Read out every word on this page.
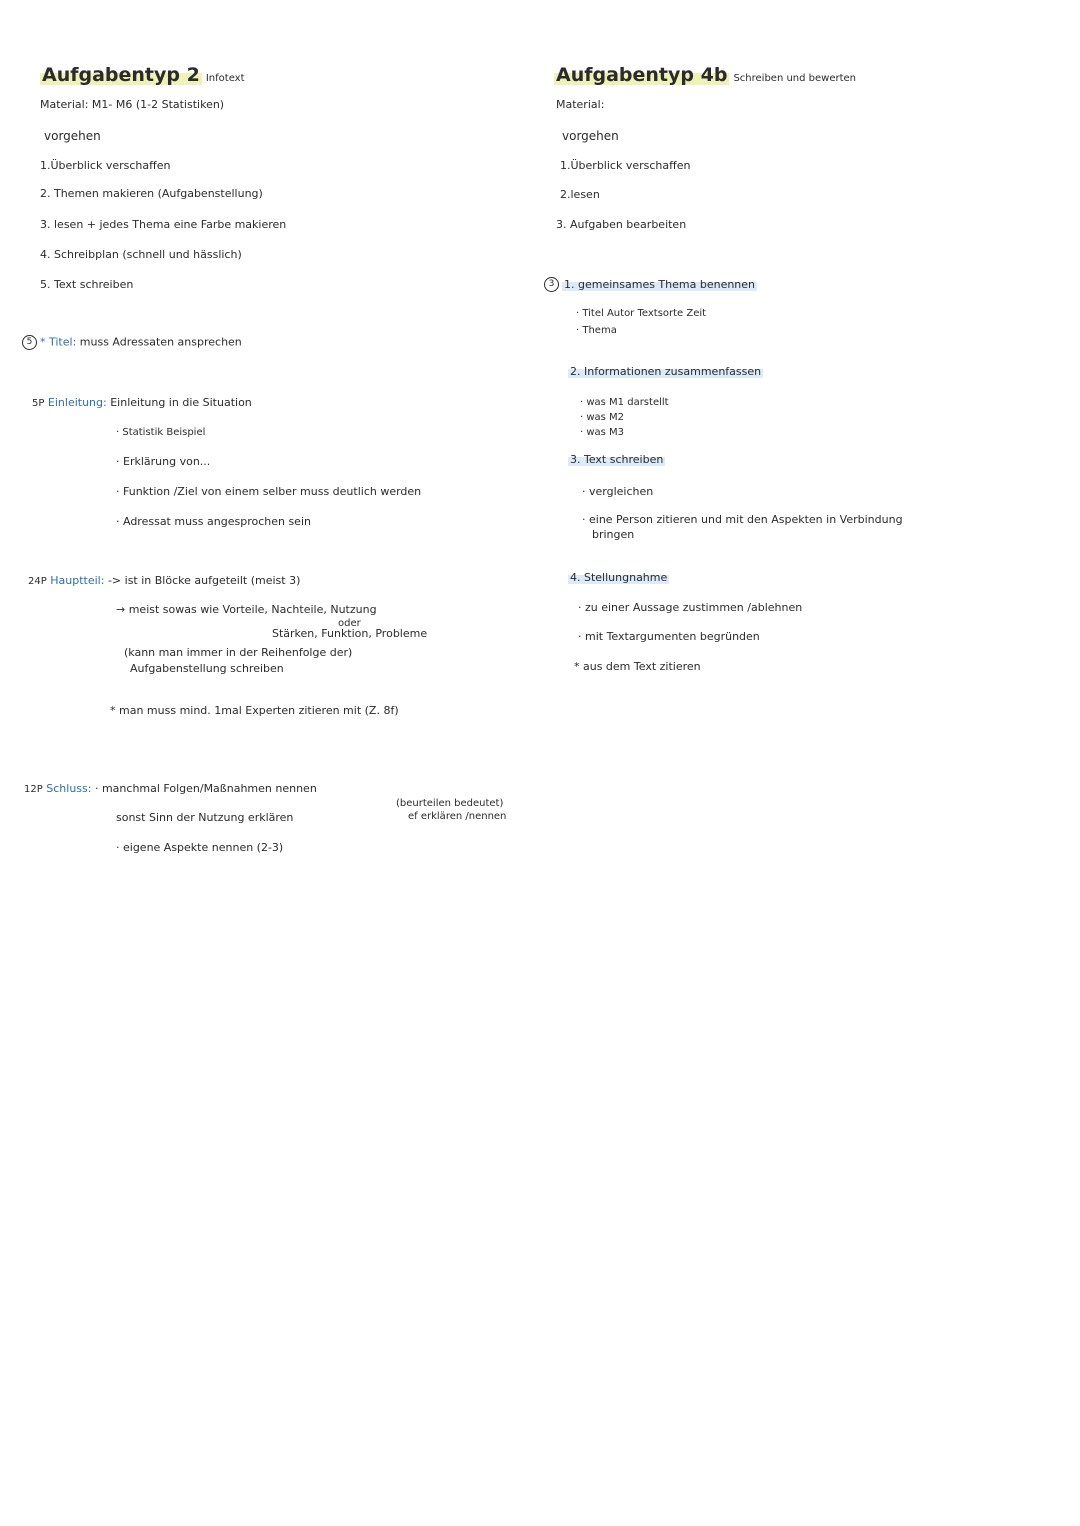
Aufgabentyp 2 Infotext
Material: M1- M6 (1-2 Statistiken)
vorgehen
1.Überblick verschaffen
2. Themen makieren (Aufgabenstellung)
3. lesen + jedes Thema eine Farbe makieren
4. Schreibplan (schnell und hässlich)
5. Text schreiben
5 * Titel: muss Adressaten ansprechen
5P Einleitung: Einleitung in die Situation
· Statistik Beispiel
· Erklärung von...
· Funktion /Ziel von einem selber muss deutlich werden
· Adressat muss angesprochen sein
24P Hauptteil: -> ist in Blöcke aufgeteilt (meist 3)
→ meist sowas wie Vorteile, Nachteile, Nutzung
oder
Stärken, Funktion, Probleme
(kann man immer in der Reihenfolge der)
Aufgabenstellung schreiben
* man muss mind. 1mal Experten zitieren mit (Z. 8f)
12P Schluss: · manchmal Folgen/Maßnahmen nennen
sonst Sinn der Nutzung erklären
· eigene Aspekte nennen (2-3)
(beurteilen bedeutet)
ef erklären /nennen
Aufgabentyp 4b Schreiben und bewerten
Material:
vorgehen
1.Überblick verschaffen
2.lesen
3. Aufgaben bearbeiten
3 1. gemeinsames Thema benennen
· Titel Autor Textsorte Zeit
· Thema
2. Informationen zusammenfassen
· was M1 darstellt
· was M2
· was M3
3. Text schreiben
· vergleichen
· eine Person zitieren und mit den Aspekten in Verbindung
bringen
4. Stellungnahme
· zu einer Aussage zustimmen /ablehnen
· mit Textargumenten begründen
* aus dem Text zitieren
